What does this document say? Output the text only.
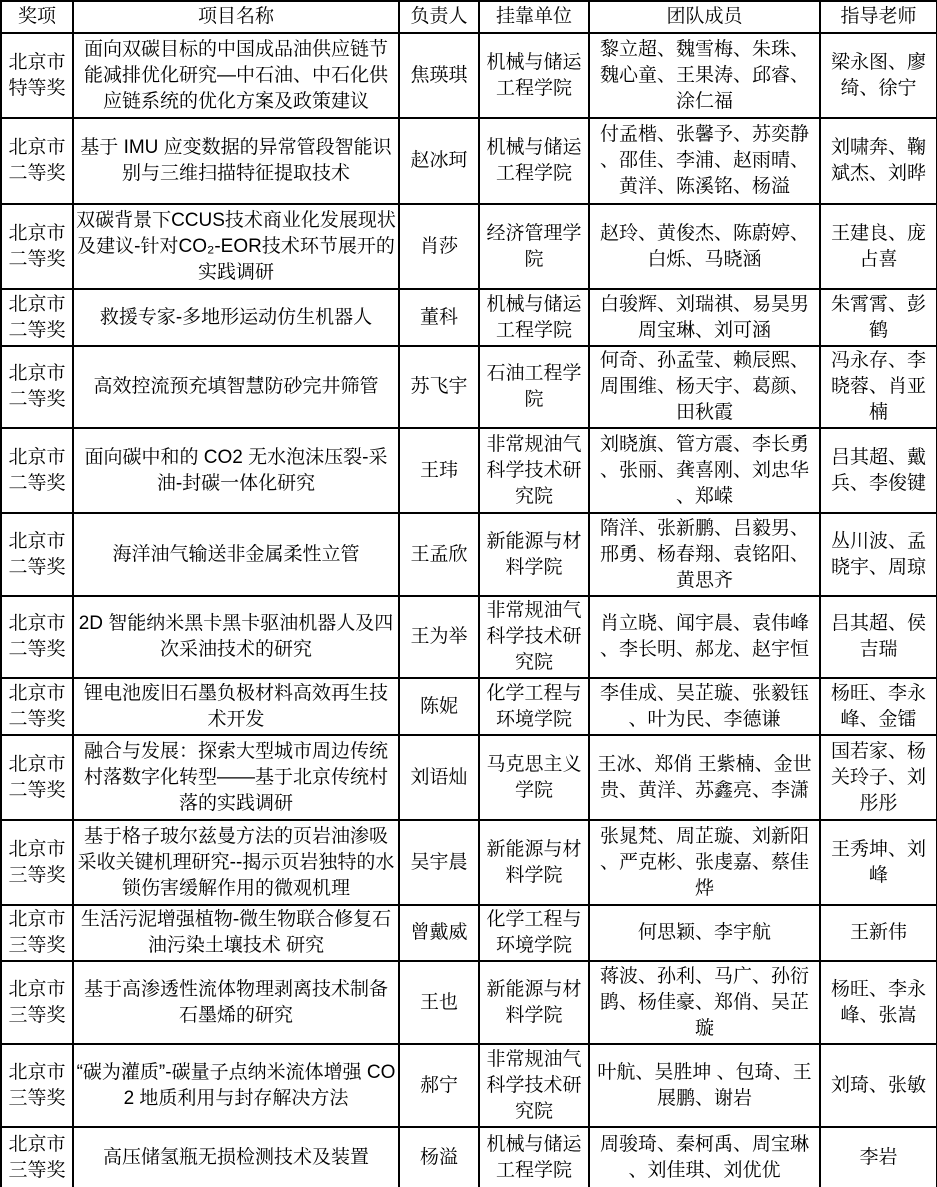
奖项	项目名称	负责人	挂靠单位	团队成员	指导老师
北京市特等奖	面向双碳目标的中国成品油供应链节能减排优化研究—中石油、中石化供应链系统的优化方案及政策建议	焦瑛琪	机械与储运工程学院	黎立超、魏雪梅、朱珠、魏心童、王果涛、邱睿、涂仁福	梁永图、廖绮、徐宁
北京市二等奖	基于 IMU 应变数据的异常管段智能识别与三维扫描特征提取技术	赵冰珂	机械与储运工程学院	付孟楷、张馨予、苏奕静、邵佳、李浦、赵雨晴、黄洋、陈溪铭、杨溢	刘啸奔、鞠斌杰、刘晔
北京市二等奖	双碳背景下CCUS技术商业化发展现状及建议-针对CO₂-EOR技术环节展开的实践调研	肖莎	经济管理学院	赵玲、黄俊杰、陈蔚婷、白烁、马晓涵	王建良、庞占喜
北京市二等奖	救援专家-多地形运动仿生机器人	董科	机械与储运工程学院	白骏辉、刘瑞祺、易昊男 周宝琳、刘可涵	朱霄霄、彭鹤
北京市二等奖	高效控流预充填智慧防砂完井筛管	苏飞宇	石油工程学院	何奇、孙孟莹、赖辰熙、周围维、杨天宇、葛颜、田秋霞	冯永存、李晓蓉、肖亚楠
北京市二等奖	面向碳中和的 CO2 无水泡沫压裂-采油-封碳一体化研究	王玮	非常规油气科学技术研究院	刘晓旗、管方震、李长勇、张丽、龚喜刚、刘忠华、郑嵘	吕其超、戴兵、李俊键
北京市二等奖	海洋油气输送非金属柔性立管	王孟欣	新能源与材料学院	隋洋、张新鹏、吕毅男、邢勇、杨春翔、袁铭阳、黄思齐	丛川波、孟晓宇、周琼
北京市二等奖	2D 智能纳米黑卡黑卡驱油机器人及四次采油技术的研究	王为举	非常规油气科学技术研究院	肖立晓、闻宇晨、袁伟峰、李长明、郝龙、赵宇恒	吕其超、侯吉瑞
北京市二等奖	锂电池废旧石墨负极材料高效再生技术开发	陈妮	化学工程与环境学院	李佳成、吴芷璇、张毅钰、叶为民、李德谦	杨旺、李永峰、金镭
北京市二等奖	融合与发展：探索大型城市周边传统村落数字化转型——基于北京传统村落的实践调研	刘语灿	马克思主义学院	王冰、郑俏 王紫楠、金世贵、黄洋、苏鑫亮、李潇	国若家、杨关玲子、刘彤彤
北京市三等奖	基于格子玻尔兹曼方法的页岩油渗吸采收关键机理研究--揭示页岩独特的水锁伤害缓解作用的微观机理	吴宇晨	新能源与材料学院	张晁梵、周芷璇、刘新阳、严克彬、张虔嘉、蔡佳烨	王秀坤、刘峰
北京市三等奖	生活污泥增强植物-微生物联合修复石油污染土壤技术 研究	曾戴威	化学工程与环境学院	何思颖、李宇航	王新伟
北京市三等奖	基于高渗透性流体物理剥离技术制备石墨烯的研究	王也	新能源与材料学院	蒋波、孙利、马广、孙衍鹍、杨佳豪、郑俏、吴芷璇	杨旺、李永峰、张嵩
北京市三等奖	“碳为灌质”-碳量子点纳米流体增强 CO2 地质利用与封存解决方法	郝宁	非常规油气科学技术研究院	叶航、吴胜坤 、包琦、王展鹏、谢岩	刘琦、张敏
北京市三等奖	高压储氢瓶无损检测技术及装置	杨溢	机械与储运工程学院	周骏琦、秦柯禹、周宝琳、刘佳琪、刘优优	李岩
